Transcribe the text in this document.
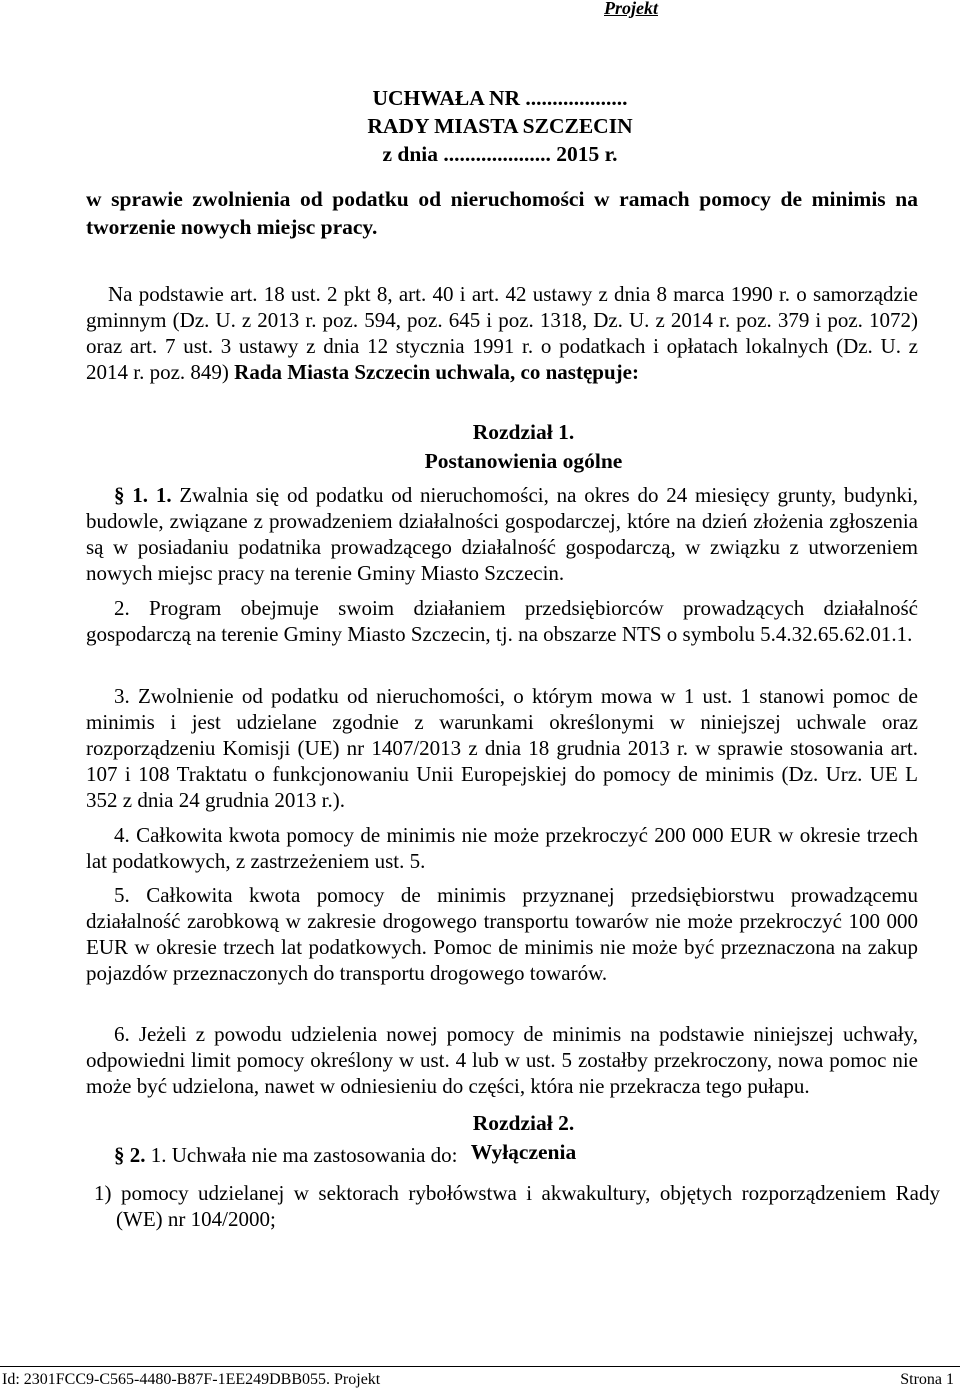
Projekt
UCHWAŁA NR ...................
RADY MIASTA SZCZECIN
z dnia .................... 2015 r.
w sprawie zwolnienia od podatku od nieruchomości w ramach pomocy de minimis na tworzenie nowych miejsc pracy.
Na podstawie art. 18 ust. 2 pkt 8, art. 40 i art. 42 ustawy z dnia 8 marca 1990 r. o samorządzie gminnym (Dz. U. z 2013 r. poz. 594, poz. 645 i poz. 1318, Dz. U. z 2014 r. poz. 379 i poz. 1072) oraz art. 7 ust. 3 ustawy z dnia 12 stycznia 1991 r. o podatkach i opłatach lokalnych (Dz. U. z 2014 r. poz. 849) Rada Miasta Szczecin uchwala, co następuje:
Rozdział 1.
Postanowienia ogólne
§ 1. 1. Zwalnia się od podatku od nieruchomości, na okres do 24 miesięcy grunty, budynki, budowle, związane z prowadzeniem działalności gospodarczej, które na dzień złożenia zgłoszenia są w posiadaniu podatnika prowadzącego działalność gospodarczą, w związku z utworzeniem nowych miejsc pracy na terenie Gminy Miasto Szczecin.
2. Program obejmuje swoim działaniem przedsiębiorców prowadzących działalność gospodarczą na terenie Gminy Miasto Szczecin, tj. na obszarze NTS o symbolu 5.4.32.65.62.01.1.
3. Zwolnienie od podatku od nieruchomości, o którym mowa w 1 ust. 1 stanowi pomoc de minimis i jest udzielane zgodnie z warunkami określonymi w niniejszej uchwale oraz rozporządzeniu Komisji (UE) nr 1407/2013 z dnia 18 grudnia 2013 r. w sprawie stosowania art. 107 i 108 Traktatu o funkcjonowaniu Unii Europejskiej do pomocy de minimis (Dz. Urz. UE L 352 z dnia 24 grudnia 2013 r.).
4. Całkowita kwota pomocy de minimis nie może przekroczyć 200 000 EUR w okresie trzech lat podatkowych, z zastrzeżeniem ust. 5.
5. Całkowita kwota pomocy de minimis przyznanej przedsiębiorstwu prowadzącemu działalność zarobkową w zakresie drogowego transportu towarów nie może przekroczyć 100 000 EUR w okresie trzech lat podatkowych. Pomoc de minimis nie może być przeznaczona na zakup pojazdów przeznaczonych do transportu drogowego towarów.
6. Jeżeli z powodu udzielenia nowej pomocy de minimis na podstawie niniejszej uchwały, odpowiedni limit pomocy określony w ust. 4 lub w ust. 5 zostałby przekroczony, nowa pomoc nie może być udzielona, nawet w odniesieniu do części, która nie przekracza tego pułapu.
Rozdział 2.
Wyłączenia
§ 2. 1. Uchwała nie ma zastosowania do:
1) pomocy udzielanej w sektorach rybołówstwa i akwakultury, objętych rozporządzeniem Rady (WE) nr 104/2000;
Id: 2301FCC9-C565-4480-B87F-1EE249DBB055. Projekt	Strona 1
